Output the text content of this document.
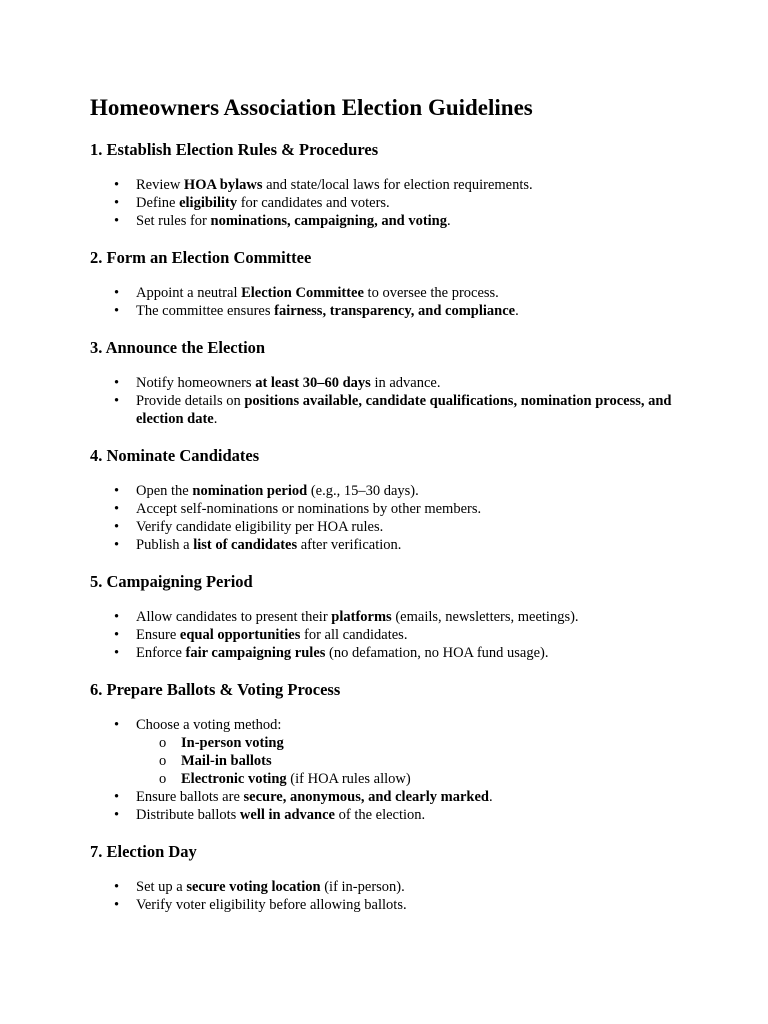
Homeowners Association Election Guidelines
1. Establish Election Rules & Procedures
• Review HOA bylaws and state/local laws for election requirements.
• Define eligibility for candidates and voters.
• Set rules for nominations, campaigning, and voting.
2. Form an Election Committee
• Appoint a neutral Election Committee to oversee the process.
• The committee ensures fairness, transparency, and compliance.
3. Announce the Election
• Notify homeowners at least 30–60 days in advance.
• Provide details on positions available, candidate qualifications, nomination process, and election date.
4. Nominate Candidates
• Open the nomination period (e.g., 15–30 days).
• Accept self-nominations or nominations by other members.
• Verify candidate eligibility per HOA rules.
• Publish a list of candidates after verification.
5. Campaigning Period
• Allow candidates to present their platforms (emails, newsletters, meetings).
• Ensure equal opportunities for all candidates.
• Enforce fair campaigning rules (no defamation, no HOA fund usage).
6. Prepare Ballots & Voting Process
• Choose a voting method:
o In-person voting
o Mail-in ballots
o Electronic voting (if HOA rules allow)
• Ensure ballots are secure, anonymous, and clearly marked.
• Distribute ballots well in advance of the election.
7. Election Day
• Set up a secure voting location (if in-person).
• Verify voter eligibility before allowing ballots.
